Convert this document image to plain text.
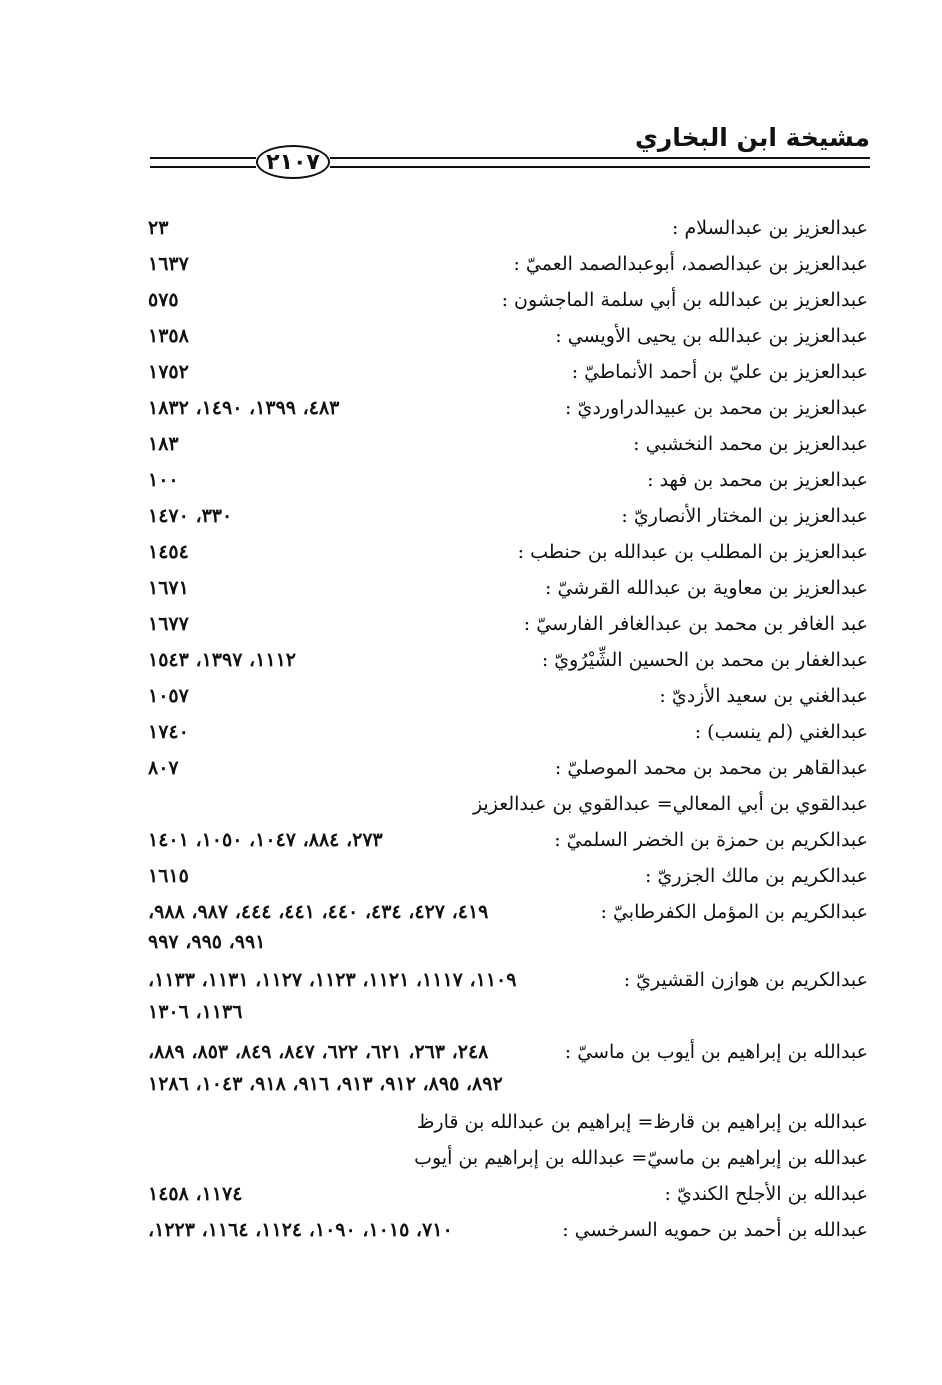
مشيخة ابن البخاري
٢١٠٧
عبدالعزيز بن عبدالسلام :
٢٣
عبدالعزيز بن عبدالصمد، أبوعبدالصمد العميّ :
١٦٣٧
عبدالعزيز بن عبدالله بن أبي سلمة الماجشون :
٥٧٥
عبدالعزيز بن عبدالله بن يحيى الأويسي :
١٣٥٨
عبدالعزيز بن عليّ بن أحمد الأنماطيّ :
١٧٥٢
عبدالعزيز بن محمد بن عبيدالدراورديّ :
٤٨٣، ١٣٩٩، ١٤٩٠، ١٨٣٢
عبدالعزيز بن محمد النخشبي :
١٨٣
عبدالعزيز بن محمد بن فهد :
١٠٠
عبدالعزيز بن المختار الأنصاريّ :
٣٣٠، ١٤٧٠
عبدالعزيز بن المطلب بن عبدالله بن حنطب :
١٤٥٤
عبدالعزيز بن معاوية بن عبدالله القرشيّ :
١٦٧١
عبد الغافر بن محمد بن عبدالغافر الفارسيّ :
١٦٧٧
عبدالغفار بن محمد بن الحسين الشِّيْرُويّ :
١١١٢، ١٣٩٧، ١٥٤٣
عبدالغني بن سعيد الأزديّ :
١٠٥٧
عبدالغني (لم ينسب) :
١٧٤٠
عبدالقاهر بن محمد بن محمد الموصليّ :
٨٠٧
عبدالقوي بن أبي المعالي= عبدالقوي بن عبدالعزيز
عبدالكريم بن حمزة بن الخضر السلميّ :
٢٧٣، ٨٨٤، ١٠٤٧، ١٠٥٠، ١٤٠١
عبدالكريم بن مالك الجزريّ :
١٦١٥
عبدالكريم بن المؤمل الكفرطابيّ :
٤١٩، ٤٢٧، ٤٣٤، ٤٤٠، ٤٤١، ٤٤٤، ٩٨٧، ٩٨٨،
٩٩١، ٩٩٥، ٩٩٧
عبدالكريم بن هوازن القشيريّ :
١١٠٩، ١١١٧، ١١٢١، ١١٢٣، ١١٢٧، ١١٣١، ١١٣٣،
١١٣٦، ١٣٠٦
عبدالله بن إبراهيم بن أيوب بن ماسيّ :
٢٤٨، ٢٦٣، ٦٢١، ٦٢٢، ٨٤٧، ٨٤٩، ٨٥٣، ٨٨٩،
٨٩٢، ٨٩٥، ٩١٢، ٩١٣، ٩١٦، ٩١٨، ١٠٤٣، ١٢٨٦
عبدالله بن إبراهيم بن قارظ= إبراهيم بن عبدالله بن قارظ
عبدالله بن إبراهيم بن ماسيّ= عبدالله بن إبراهيم بن أيوب
عبدالله بن الأجلح الكنديّ :
١١٧٤، ١٤٥٨
عبدالله بن أحمد بن حمويه السرخسي :
٧١٠، ١٠١٥، ١٠٩٠، ١١٢٤، ١١٦٤، ١٢٢٣،
